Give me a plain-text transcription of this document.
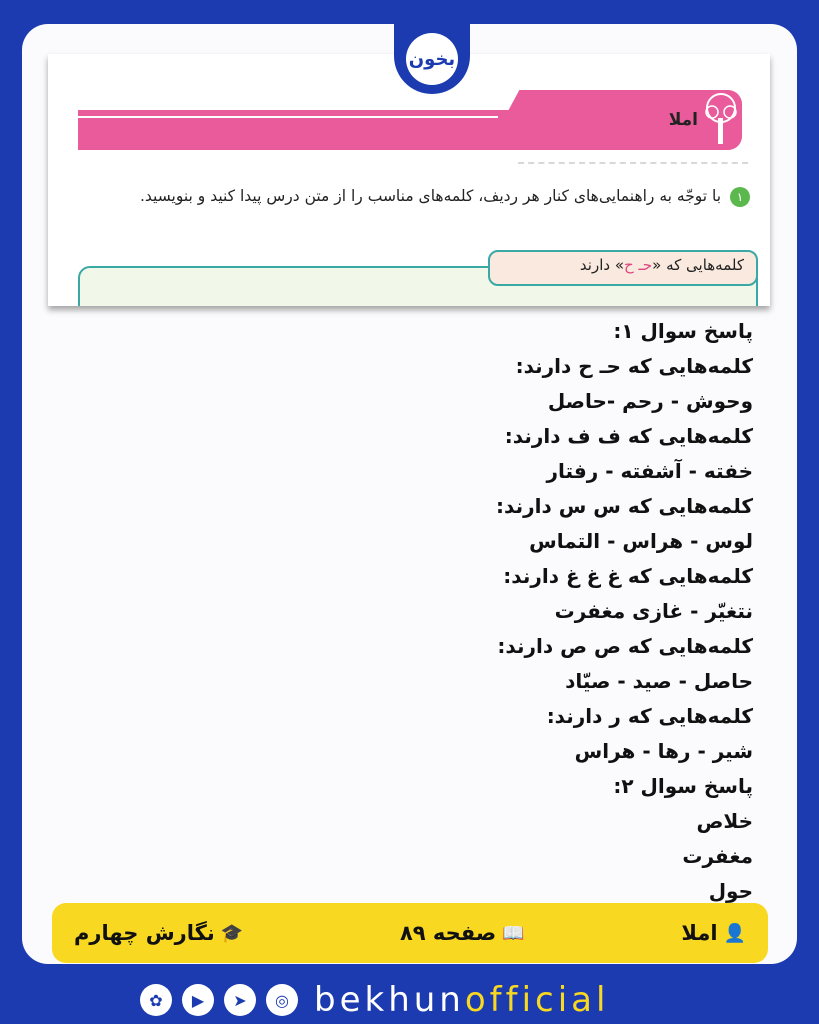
بخون
املا
۱ با توجّه به راهنمایی‌های کنار هر ردیف، کلمه‌های مناسب را از متن درس پیدا کنید و بنویسید.
کلمه‌هایی که «حـ ح» دارند
پاسخ سوال ۱:
کلمه‌هایی که حـ ح دارند:
وحوش - رحم -حاصل
کلمه‌هایی که ف ف دارند:
خفته - آشفته - رفتار
کلمه‌هایی که س س دارند:
لوس - هراس - التماس
کلمه‌هایی که غ غ غ دارند:
نتغیّر - غازی مغفرت
کلمه‌هایی که ص ص دارند:
حاصل - صید - صیّاد
کلمه‌هایی که ر دارند:
شیر - رها - هراس
پاسخ سوال ۲:
خلاص
مغفرت
حول
👤
املا
📖
صفحه ۸۹
🎓
نگارش چهارم
✿	▶	➤	◎ bekhunofficial
